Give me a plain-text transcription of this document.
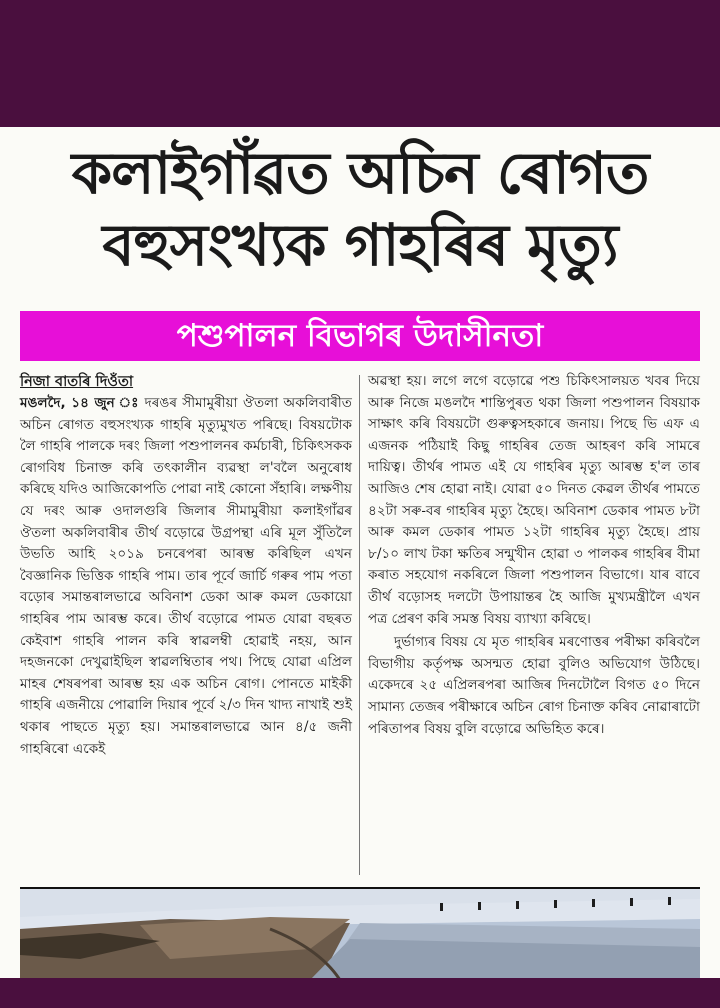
কলাইগাঁৱত অচিন ৰোগত
বহুসংখ্যক গাহৰিৰ মৃত্যু
পশুপালন বিভাগৰ উদাসীনতা
নিজা বাতৰি দিওঁতা

মঙলদৈ, ১৪ জুন ঃ দৰঙৰ সীমামুৰীয়া ঔতলা অকলিবাৰীত অচিন ৰোগত বহুসংখ্যক গাহৰি মৃত্যুমুখত পৰিছে। বিষয়টোক লৈ গাহৰি পালকে দৰং জিলা পশুপালনৰ কৰ্মচাৰী, চিকিৎসকক ৰোগবিধ চিনাক্ত কৰি তৎকালীন ব্যৱস্থা ল'বলৈ অনুৰোধ কৰিছে যদিও আজিকোপতি পোৱা নাই কোনো সঁহাৰি। লক্ষণীয় যে দৰং আৰু ওদালগুৰি জিলাৰ সীমামুৰীয়া কলাইগাঁৱৰ ঔতলা অকলিবাৰীৰ তীৰ্থ বড়োৱে উগ্ৰপন্থা এৰি মূল সুঁতিলৈ উভতি আহি ২০১৯ চনৰেপৰা আৰম্ভ কৰিছিল এখন বৈজ্ঞানিক ভিত্তিক গাহৰি পাম। তাৰ পূৰ্বে জাৰ্চি গৰুৰ পাম পতা বড়োৰ সমান্তৰালভাৱে অবিনাশ ডেকা আৰু কমল ডেকায়ো গাহৰিৰ পাম আৰম্ভ কৰে। তীৰ্থ বড়োৱে পামত যোৱা বছৰত কেইবাশ গাহৰি পালন কৰি স্বাৱলম্বী হোৱাই নহয়, আন দহজনকো দেখুৱাইছিল স্বাৱলম্বিতাৰ পথ। পিছে যোৱা এপ্ৰিল মাহৰ শেষৰপৰা আৰম্ভ হয় এক অচিন ৰোগ। পোনতে মাইকী গাহৰি এজনীয়ে পোৱালি দিয়াৰ পূৰ্বে ২/৩ দিন খাদ্য নাখাই শুই থকাৰ পাছতে মৃত্যু হয়। সমান্তৰালভাৱে আন ৪/৫ জনী গাহৰিৰো একেই

অৱস্থা হয়। লগে লগে বড়োৱে পশু চিকিৎসালয়ত খবৰ দিয়ে আৰু নিজে মঙলদৈ শান্তিপুৰত থকা জিলা পশুপালন বিষয়াক সাক্ষাৎ কৰি বিষয়টো গুৰুত্বসহকাৰে জনায়। পিছে ভি এফ এ এজনক পঠিয়াই কিছু গাহৰিৰ তেজ আহৰণ কৰি সামৰে দায়িত্ব। তীৰ্থৰ পামত এই যে গাহৰিৰ মৃত্যু আৰম্ভ হ'ল তাৰ আজিও শেষ হোৱা নাই। যোৱা ৫০ দিনত কেৱল তীৰ্থৰ পামতে ৪২টা সৰু-বৰ গাহৰিৰ মৃত্যু হৈছে। অবিনাশ ডেকাৰ পামত ৮টা আৰু কমল ডেকাৰ পামত ১২টা গাহৰিৰ মৃত্যু হৈছে। প্ৰায় ৮/১০ লাখ টকা ক্ষতিৰ সন্মুখীন হোৱা ৩ পালকৰ গাহৰিৰ বীমা কৰাত সহযোগ নকৰিলে জিলা পশুপালন বিভাগে। যাৰ বাবে তীৰ্থ বড়োসহ দলটো উপায়ান্তৰ হৈ আজি মুখ্যমন্ত্ৰীলৈ এখন পত্ৰ প্ৰেৰণ কৰি সমস্ত বিষয় ব্যাখ্যা কৰিছে।

দুৰ্ভাগ্যৰ বিষয় যে মৃত গাহৰিৰ মৰণোত্তৰ পৰীক্ষা কৰিবলৈ বিভাগীয় কৰ্তৃপক্ষ অসন্মত হোৱা বুলিও অভিযোগ উঠিছে। একেদৰে ২৫ এপ্ৰিলৰপৰা আজিৰ দিনটোলৈ বিগত ৫০ দিনে সামান্য তেজৰ পৰীক্ষাৰে অচিন ৰোগ চিনাক্ত কৰিব নোৱাৰাটো পৰিতাপৰ বিষয় বুলি বড়োৱে অভিহিত কৰে।
